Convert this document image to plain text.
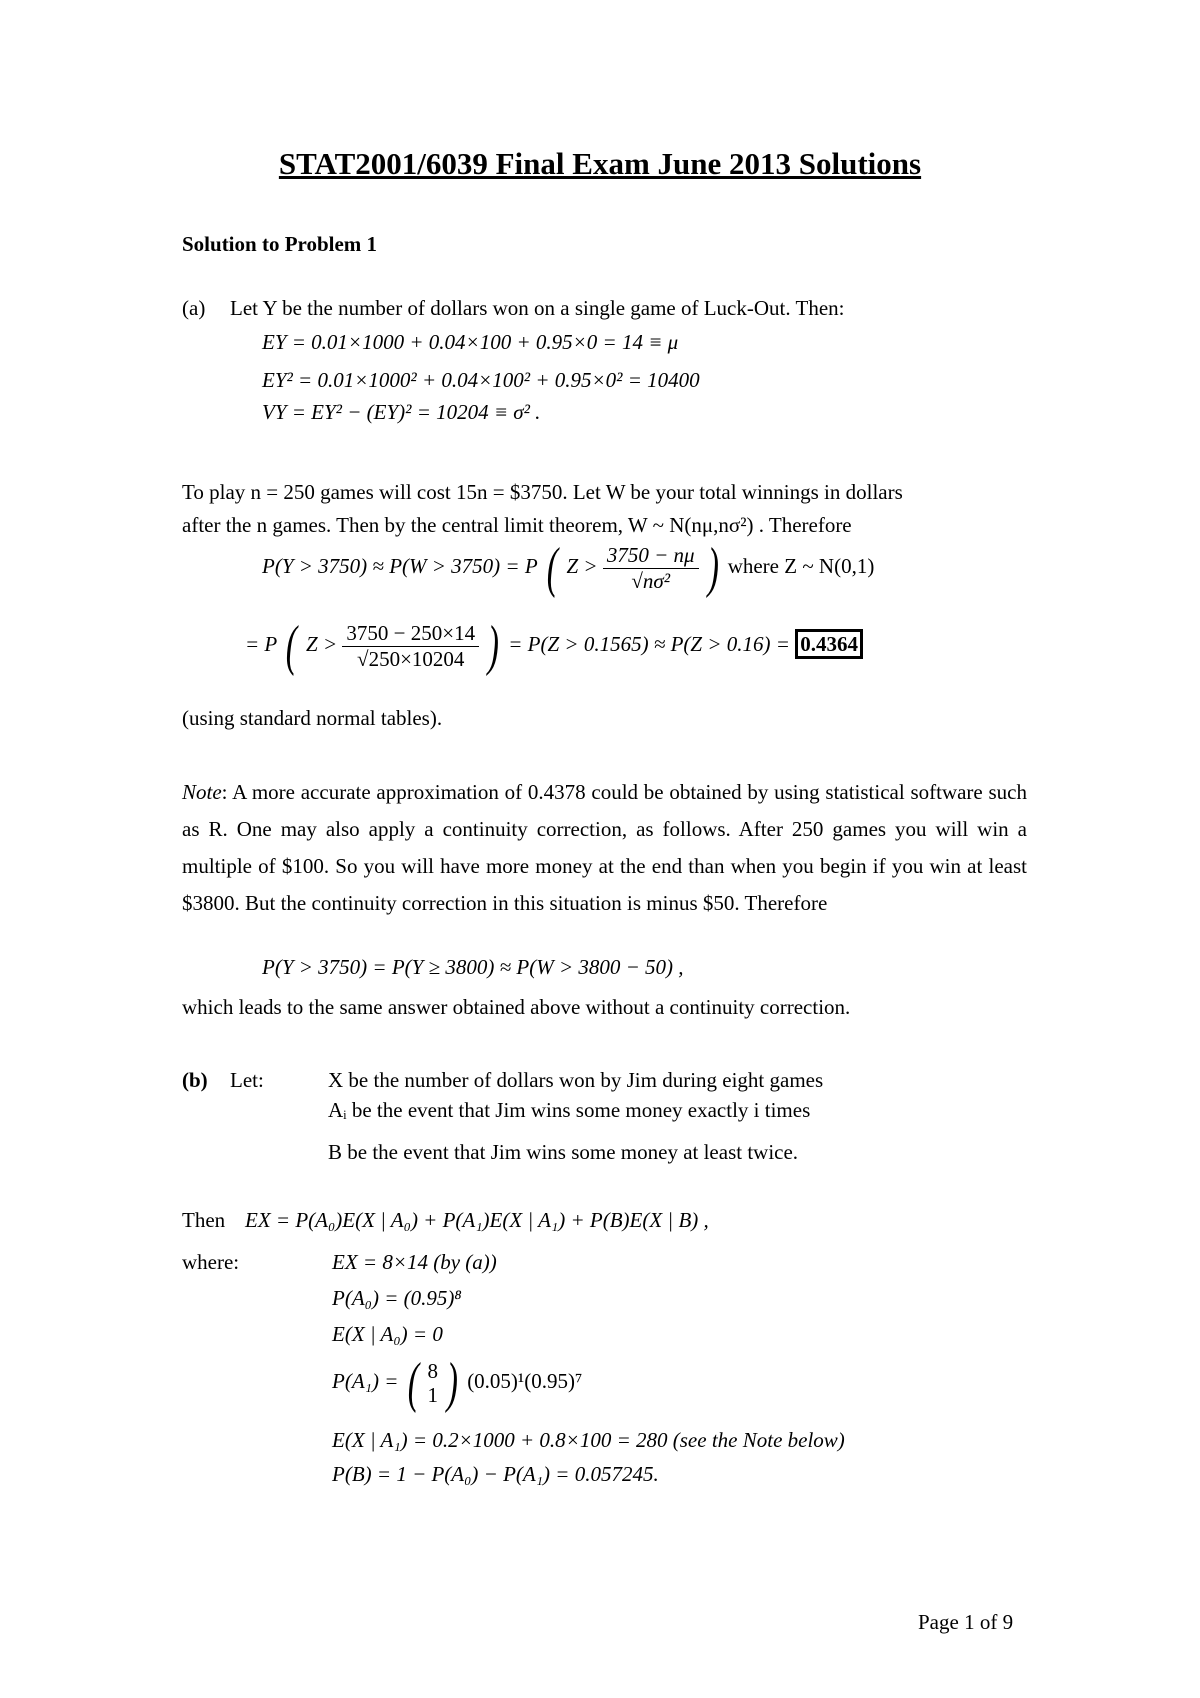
STAT2001/6039 Final Exam June 2013 Solutions
Solution to Problem 1
(a) Let Y be the number of dollars won on a single game of Luck-Out. Then:
EY = 0.01×1000 + 0.04×100 + 0.95×0 = 14 ≡ μ
EY² = 0.01×1000² + 0.04×100² + 0.95×0² = 10400
VY = EY² − (EY)² = 10204 ≡ σ² .
To play n = 250 games will cost 15n = $3750. Let W be your total winnings in dollars
after the n games. Then by the central limit theorem, W ~ N(nμ,nσ²) . Therefore
P(Y > 3750) ≈ P(W > 3750) = P ( $Z > \frac{3750 - n\mu}{\text{√nσ²}}$ ) where Z ~ N(0,1)
= P ( $Z > \frac{3750 - 250\times 14}{√250\times 10204}$ ) = P(Z > 0.1565) ≈ P(Z > 0.16) = 0.4364
(using standard normal tables).
Note: A more accurate approximation of 0.4378 could be obtained by using statistical software such as R. One may also apply a continuity correction, as follows. After 250 games you will win a multiple of $100. So you will have more money at the end than when you begin if you win at least $3800. But the continuity correction in this situation is minus $50. Therefore
P(Y > 3750) = P(Y ≥ 3800) ≈ P(W > 3800 − 50) ,
which leads to the same answer obtained above without a continuity correction.
(b) Let:	X be the number of dollars won by Jim during eight games
Aᵢ be the event that Jim wins some money exactly i times
B be the event that Jim wins some money at least twice.
Then EX = P(A₀)E(X | A₀) + P(A₁)E(X | A₁) + P(B)E(X | B) ,
where:	EX = 8×14 (by (a))
P(A₀) = (0.95)⁸
E(X | A₀) = 0
P(A₁) = ( 8
1 ) (0.05)¹(0.95)⁷
E(X | A₁) = 0.2×1000 + 0.8×100 = 280 (see the Note below)
P(B) = 1 − P(A₀) − P(A₁) = 0.057245.
Page 1 of 9
